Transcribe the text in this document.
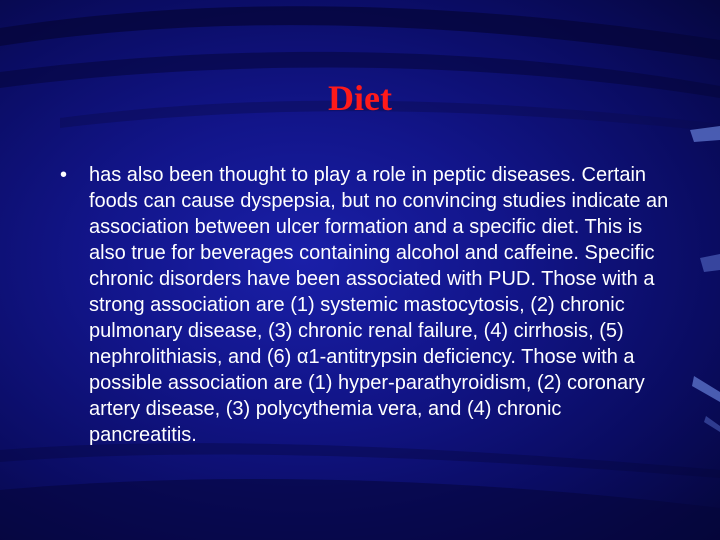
Diet
• has also been thought to play a role in peptic diseases. Certain foods can cause dyspepsia, but no convincing studies indicate an association between ulcer formation and a specific diet. This is also true for beverages containing alcohol and caffeine. Specific chronic disorders have been associated with PUD. Those with a strong association are (1) systemic mastocytosis, (2) chronic pulmonary disease, (3) chronic renal failure, (4) cirrhosis, (5) nephrolithiasis, and (6) α1-antitrypsin deficiency. Those with a possible association are (1) hyper-parathyroidism, (2) coronary artery disease, (3) polycythemia vera, and (4) chronic pancreatitis.
